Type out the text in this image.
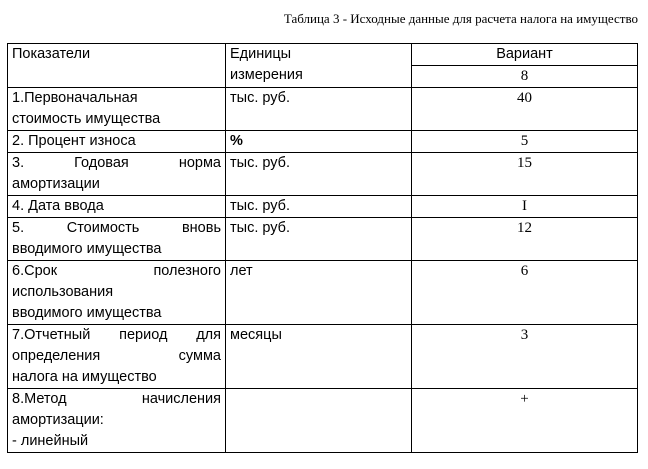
Таблица 3 - Исходные данные для расчета налога на имущество
Показатели	Единицы
измерения	Вариант
		8

1.Первоначальная
стоимость имущества	тыс. руб.	40
2. Процент износа	%	5

3. Годовая норма
амортизации	тыс. руб.	15
4. Дата ввода	тыс. руб.	I

5. Стоимость вновь
вводимого имущества	тыс. руб.	12

6.Срок полезного
использования
вводимого имущества	лет	6

7.Отчетный период для
определения сумма
налога на имущество	месяцы	3

8.Метод начисления
амортизации:
- линейный		+
